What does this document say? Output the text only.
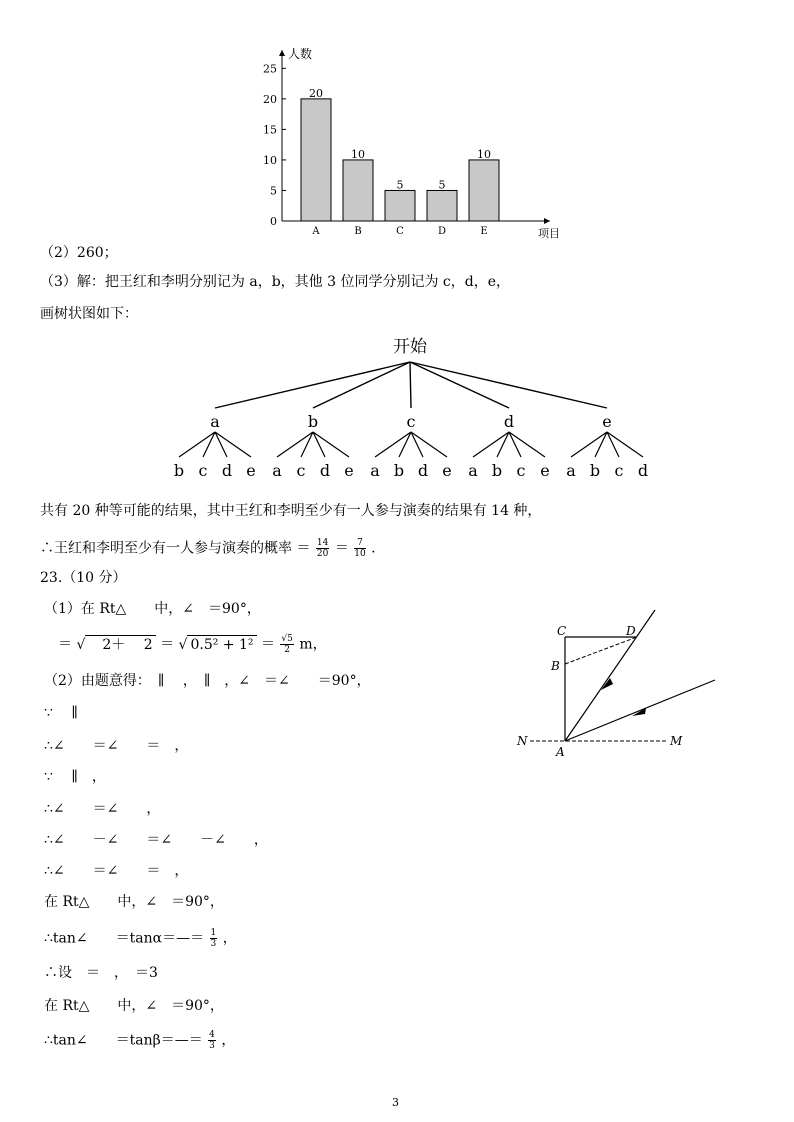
人数
项目
0
5
10
15
20
25
20
A
10
B
5
C
5
D
10
E
（2）260；
（3）解：把王红和李明分别记为 a，b，其他 3 位同学分别记为 c，d，e，
画树状图如下：
开始
a
b c d e
b
a c d e
c
a b d e
d
a b c e
e
a b c d
共有 20 种等可能的结果，其中王红和李明至少有一人参与演奏的结果有 14 种，
∴王红和李明至少有一人参与演奏的概率 ＝ $\frac{14}{20} = \frac{7}{10}$ .
23.（10 分）
（1）在 Rt△　　中，∠　＝90°，
＝ √　2＋　 2 ＝ √ $0.5^2 + 1^2 = \frac{√5}{2}$ m，
（2）由题意得：　∥　 ，　∥　，∠　＝∠　　＝90°，
∵　 ∥
∴∠　　＝∠　　＝　，
∵　 ∥　，
∴∠　　＝∠　　，
∴∠　　－∠　　＝∠　　－∠　　，
∴∠　　＝∠　　＝　，
在 Rt△　　中，∠　＝90°，
∴tan∠　　＝tanα＝—＝ $\frac{1}{3}$ ，
∴设　＝　，　＝3
在 Rt△　　中，∠　＝90°，
∴tan∠　　＝tanβ＝—＝ $\frac{4}{3}$ ，
C	D
B
N
A
M
3
